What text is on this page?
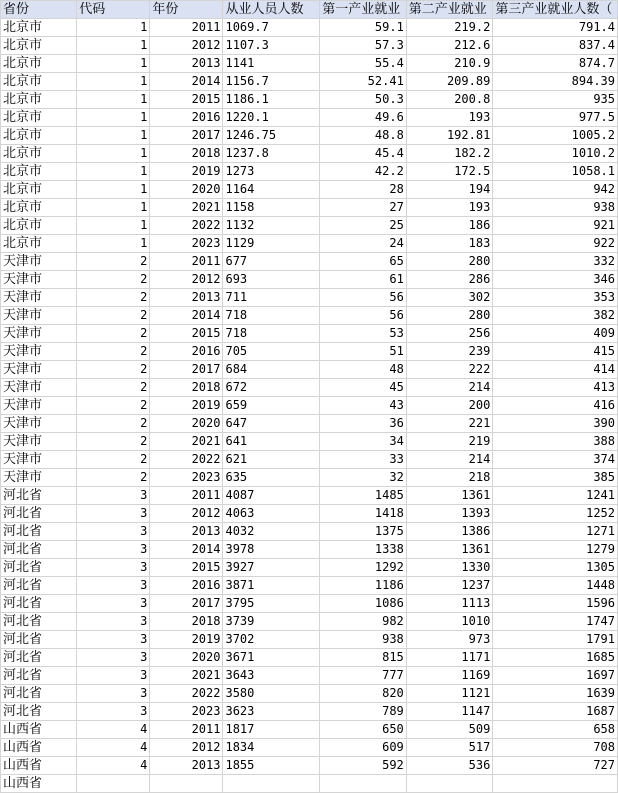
省份	代码	年份	从业人员人数	第一产业就业	第二产业就业	第三产业就业人数（
北京市	1	2011	1069.7	59.1	219.2	791.4
北京市	1	2012	1107.3	57.3	212.6	837.4
北京市	1	2013	1141	55.4	210.9	874.7
北京市	1	2014	1156.7	52.41	209.89	894.39
北京市	1	2015	1186.1	50.3	200.8	935
北京市	1	2016	1220.1	49.6	193	977.5
北京市	1	2017	1246.75	48.8	192.81	1005.2
北京市	1	2018	1237.8	45.4	182.2	1010.2
北京市	1	2019	1273	42.2	172.5	1058.1
北京市	1	2020	1164	28	194	942
北京市	1	2021	1158	27	193	938
北京市	1	2022	1132	25	186	921
北京市	1	2023	1129	24	183	922
天津市	2	2011	677	65	280	332
天津市	2	2012	693	61	286	346
天津市	2	2013	711	56	302	353
天津市	2	2014	718	56	280	382
天津市	2	2015	718	53	256	409
天津市	2	2016	705	51	239	415
天津市	2	2017	684	48	222	414
天津市	2	2018	672	45	214	413
天津市	2	2019	659	43	200	416
天津市	2	2020	647	36	221	390
天津市	2	2021	641	34	219	388
天津市	2	2022	621	33	214	374
天津市	2	2023	635	32	218	385
河北省	3	2011	4087	1485	1361	1241
河北省	3	2012	4063	1418	1393	1252
河北省	3	2013	4032	1375	1386	1271
河北省	3	2014	3978	1338	1361	1279
河北省	3	2015	3927	1292	1330	1305
河北省	3	2016	3871	1186	1237	1448
河北省	3	2017	3795	1086	1113	1596
河北省	3	2018	3739	982	1010	1747
河北省	3	2019	3702	938	973	1791
河北省	3	2020	3671	815	1171	1685
河北省	3	2021	3643	777	1169	1697
河北省	3	2022	3580	820	1121	1639
河北省	3	2023	3623	789	1147	1687
山西省	4	2011	1817	650	509	658
山西省	4	2012	1834	609	517	708
山西省	4	2013	1855	592	536	727
山西省						
